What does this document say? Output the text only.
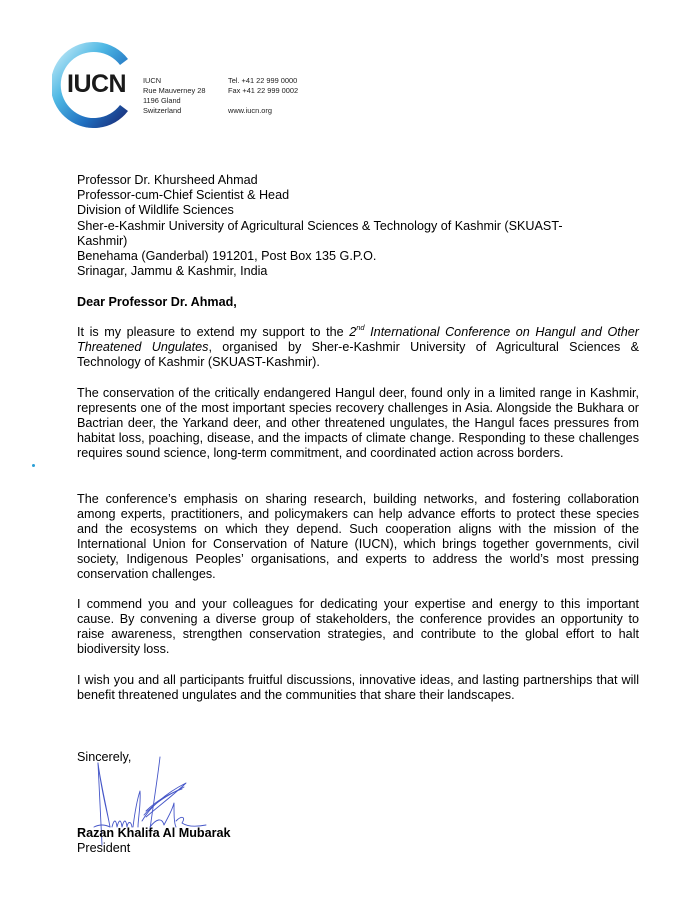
IUCN IUCN
Rue Mauverney 28
1196 Gland
Switzerland
Tel. +41 22 999 0000
Fax +41 22 999 0002
www.iucn.org
Professor Dr. Khursheed Ahmad
Professor-cum-Chief Scientist & Head
Division of Wildlife Sciences
Sher-e-Kashmir University of Agricultural Sciences & Technology of Kashmir (SKUAST-
Kashmir)
Benehama (Ganderbal) 191201, Post Box 135 G.P.O.
Srinagar, Jammu & Kashmir, India
Dear Professor Dr. Ahmad,
It is my pleasure to extend my support to the 2nd International Conference on Hangul and Other Threatened Ungulates, organised by Sher-e-Kashmir University of Agricultural Sciences & Technology of Kashmir (SKUAST-Kashmir).
The conservation of the critically endangered Hangul deer, found only in a limited range in Kashmir, represents one of the most important species recovery challenges in Asia. Alongside the Bukhara or Bactrian deer, the Yarkand deer, and other threatened ungulates, the Hangul faces pressures from habitat loss, poaching, disease, and the impacts of climate change. Responding to these challenges requires sound science, long-term commitment, and coordinated action across borders.
The conference’s emphasis on sharing research, building networks, and fostering collaboration among experts, practitioners, and policymakers can help advance efforts to protect these species and the ecosystems on which they depend. Such cooperation aligns with the mission of the International Union for Conservation of Nature (IUCN), which brings together governments, civil society, Indigenous Peoples’ organisations, and experts to address the world’s most pressing conservation challenges.
I commend you and your colleagues for dedicating your expertise and energy to this important cause. By convening a diverse group of stakeholders, the conference provides an opportunity to raise awareness, strengthen conservation strategies, and contribute to the global effort to halt biodiversity loss.
I wish you and all participants fruitful discussions, innovative ideas, and lasting partnerships that will benefit threatened ungulates and the communities that share their landscapes.
Sincerely,
Razan Khalifa Al Mubarak
President
